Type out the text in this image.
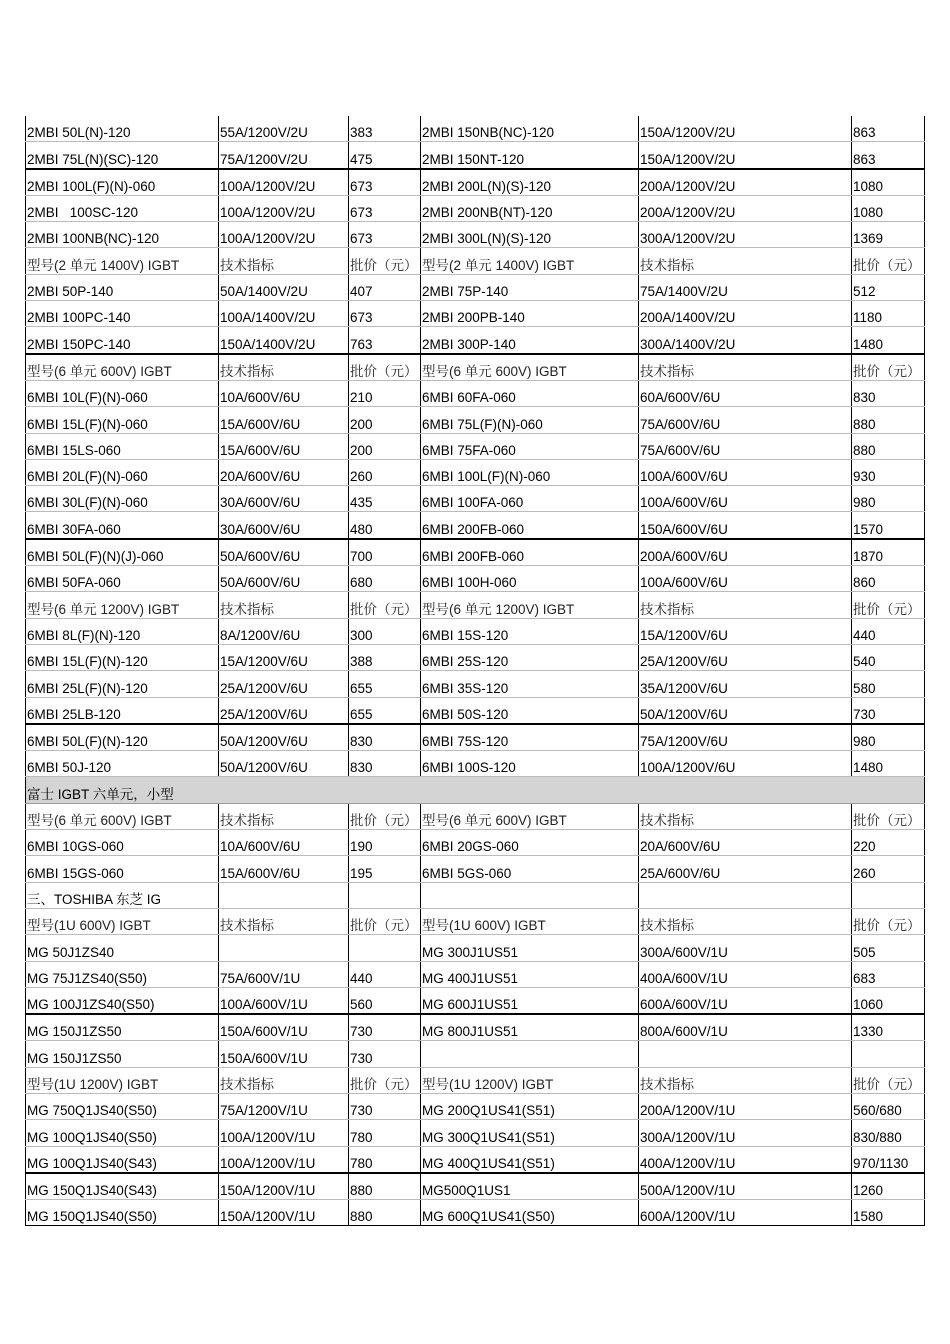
2MBI 50L(N)-120	55A/1200V/2U	383	2MBI 150NB(NC)-120	150A/1200V/2U	863
2MBI 75L(N)(SC)-120	75A/1200V/2U	475	2MBI 150NT-120	150A/1200V/2U	863
2MBI 100L(F)(N)-060	100A/1200V/2U	673	2MBI 200L(N)(S)-120	200A/1200V/2U	1080
2MBI   100SC-120	100A/1200V/2U	673	2MBI 200NB(NT)-120	200A/1200V/2U	1080
2MBI 100NB(NC)-120	100A/1200V/2U	673	2MBI 300L(N)(S)-120	300A/1200V/2U	1369
型号(2 单元 1400V) IGBT	技术指标	批价（元）	型号(2 单元 1400V) IGBT	技术指标	批价（元）
2MBI 50P-140	50A/1400V/2U	407	2MBI 75P-140	75A/1400V/2U	512
2MBI 100PC-140	100A/1400V/2U	673	2MBI 200PB-140	200A/1400V/2U	1180
2MBI 150PC-140	150A/1400V/2U	763	2MBI 300P-140	300A/1400V/2U	1480
型号(6 单元 600V) IGBT	技术指标	批价（元）	型号(6 单元 600V) IGBT	技术指标	批价（元）
6MBI 10L(F)(N)-060	10A/600V/6U	210	6MBI 60FA-060	60A/600V/6U	830
6MBI 15L(F)(N)-060	15A/600V/6U	200	6MBI 75L(F)(N)-060	75A/600V/6U	880
6MBI 15LS-060	15A/600V/6U	200	6MBI 75FA-060	75A/600V/6U	880
6MBI 20L(F)(N)-060	20A/600V/6U	260	6MBI 100L(F)(N)-060	100A/600V/6U	930
6MBI 30L(F)(N)-060	30A/600V/6U	435	6MBI 100FA-060	100A/600V/6U	980
6MBI 30FA-060	30A/600V/6U	480	6MBI 200FB-060	150A/600V/6U	1570
6MBI 50L(F)(N)(J)-060	50A/600V/6U	700	6MBI 200FB-060	200A/600V/6U	1870
6MBI 50FA-060	50A/600V/6U	680	6MBI 100H-060	100A/600V/6U	860
型号(6 单元 1200V) IGBT	技术指标	批价（元）	型号(6 单元 1200V) IGBT	技术指标	批价（元）
6MBI 8L(F)(N)-120	8A/1200V/6U	300	6MBI 15S-120	15A/1200V/6U	440
6MBI 15L(F)(N)-120	15A/1200V/6U	388	6MBI 25S-120	25A/1200V/6U	540
6MBI 25L(F)(N)-120	25A/1200V/6U	655	6MBI 35S-120	35A/1200V/6U	580
6MBI 25LB-120	25A/1200V/6U	655	6MBI 50S-120	50A/1200V/6U	730
6MBI 50L(F)(N)-120	50A/1200V/6U	830	6MBI 75S-120	75A/1200V/6U	980
6MBI 50J-120	50A/1200V/6U	830	6MBI 100S-120	100A/1200V/6U	1480
富士 IGBT 六单元，小型					
型号(6 单元 600V) IGBT	技术指标	批价（元）	型号(6 单元 600V) IGBT	技术指标	批价（元）
6MBI 10GS-060	10A/600V/6U	190	6MBI 20GS-060	20A/600V/6U	220
6MBI 15GS-060	15A/600V/6U	195	6MBI 5GS-060	25A/600V/6U	260
三、TOSHIBA 东芝 IG					
型号(1U 600V) IGBT	技术指标	批价（元）	型号(1U 600V) IGBT	技术指标	批价（元）
MG 50J1ZS40			MG 300J1US51	300A/600V/1U	505
MG 75J1ZS40(S50)	75A/600V/1U	440	MG 400J1US51	400A/600V/1U	683
MG 100J1ZS40(S50)	100A/600V/1U	560	MG 600J1US51	600A/600V/1U	1060
MG 150J1ZS50	150A/600V/1U	730	MG 800J1US51	800A/600V/1U	1330
MG 150J1ZS50	150A/600V/1U	730			
型号(1U 1200V) IGBT	技术指标	批价（元）	型号(1U 1200V) IGBT	技术指标	批价（元）
MG 750Q1JS40(S50)	75A/1200V/1U	730	MG 200Q1US41(S51)	200A/1200V/1U	560/680
MG 100Q1JS40(S50)	100A/1200V/1U	780	MG 300Q1US41(S51)	300A/1200V/1U	830/880
MG 100Q1JS40(S43)	100A/1200V/1U	780	MG 400Q1US41(S51)	400A/1200V/1U	970/1130
MG 150Q1JS40(S43)	150A/1200V/1U	880	MG500Q1US1	500A/1200V/1U	1260
MG 150Q1JS40(S50)	150A/1200V/1U	880	MG 600Q1US41(S50)	600A/1200V/1U	1580
